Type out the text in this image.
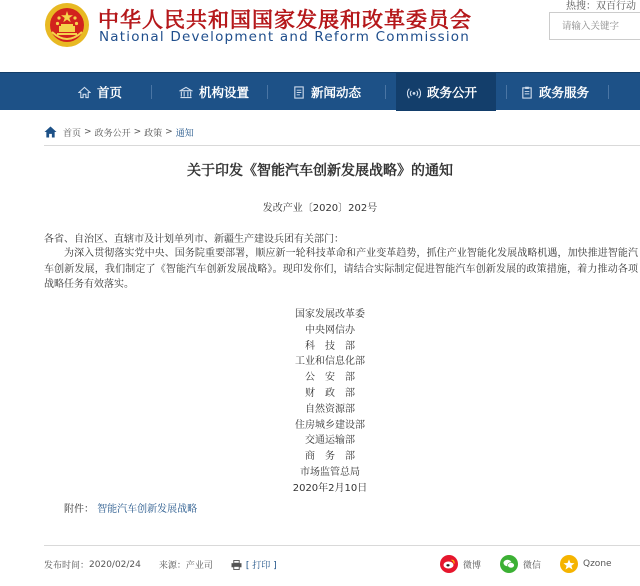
中华人民共和国国家发展和改革委员会
National Development and Reform Commission
热搜：双百行动
请输入关键字
首页	机构设置	新闻动态	政务公开	政务服务
首页 > 政务公开 > 政策 > 通知
关于印发《智能汽车创新发展战略》的通知
发改产业〔2020〕202号
各省、自治区、直辖市及计划单列市、新疆生产建设兵团有关部门：
为深入贯彻落实党中央、国务院重要部署，顺应新一轮科技革命和产业变革趋势，抓住产业智能化发展战略机遇，加快推进智能汽车创新发展，我们制定了《智能汽车创新发展战略》。现印发你们，请结合实际制定促进智能汽车创新发展的政策措施，着力推动各项战略任务有效落实。
国家发展改革委
中央网信办
科　技　部
工业和信息化部
公　安　部
财　政　部
自然资源部
住房城乡建设部
交通运输部
商　务　部
市场监管总局
2020年2月10日
附件： 智能汽车创新发展战略
发布时间： 2020/02/24 来源： 产业司	[ 打印 ]	微博	微信	Qzone
